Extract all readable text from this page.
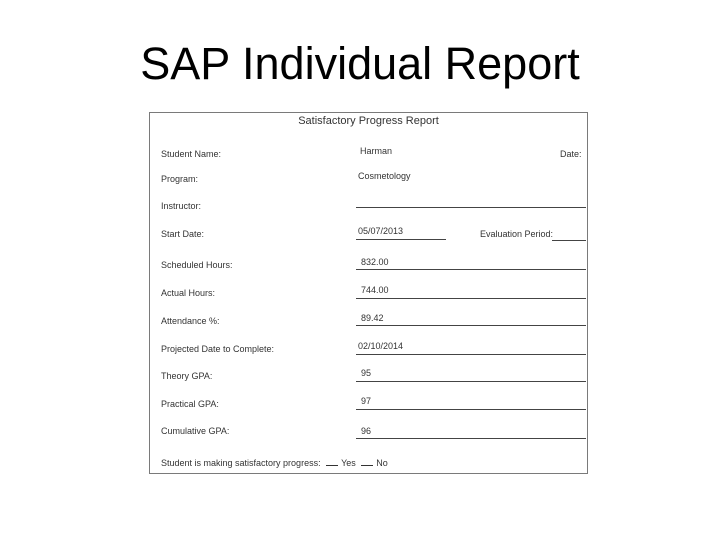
SAP Individual Report
Satisfactory Progress Report
Student Name:	Harman	Date:
Program:	Cosmetology
Instructor:
Start Date:	05/07/2013	Evaluation Period:
Scheduled Hours:	832.00
Actual Hours:	744.00
Attendance %:	89.42
Projected Date to Complete:	02/10/2014
Theory GPA:	95
Practical GPA:	97
Cumulative GPA:	96
Student is making satisfactory progress: Yes No
